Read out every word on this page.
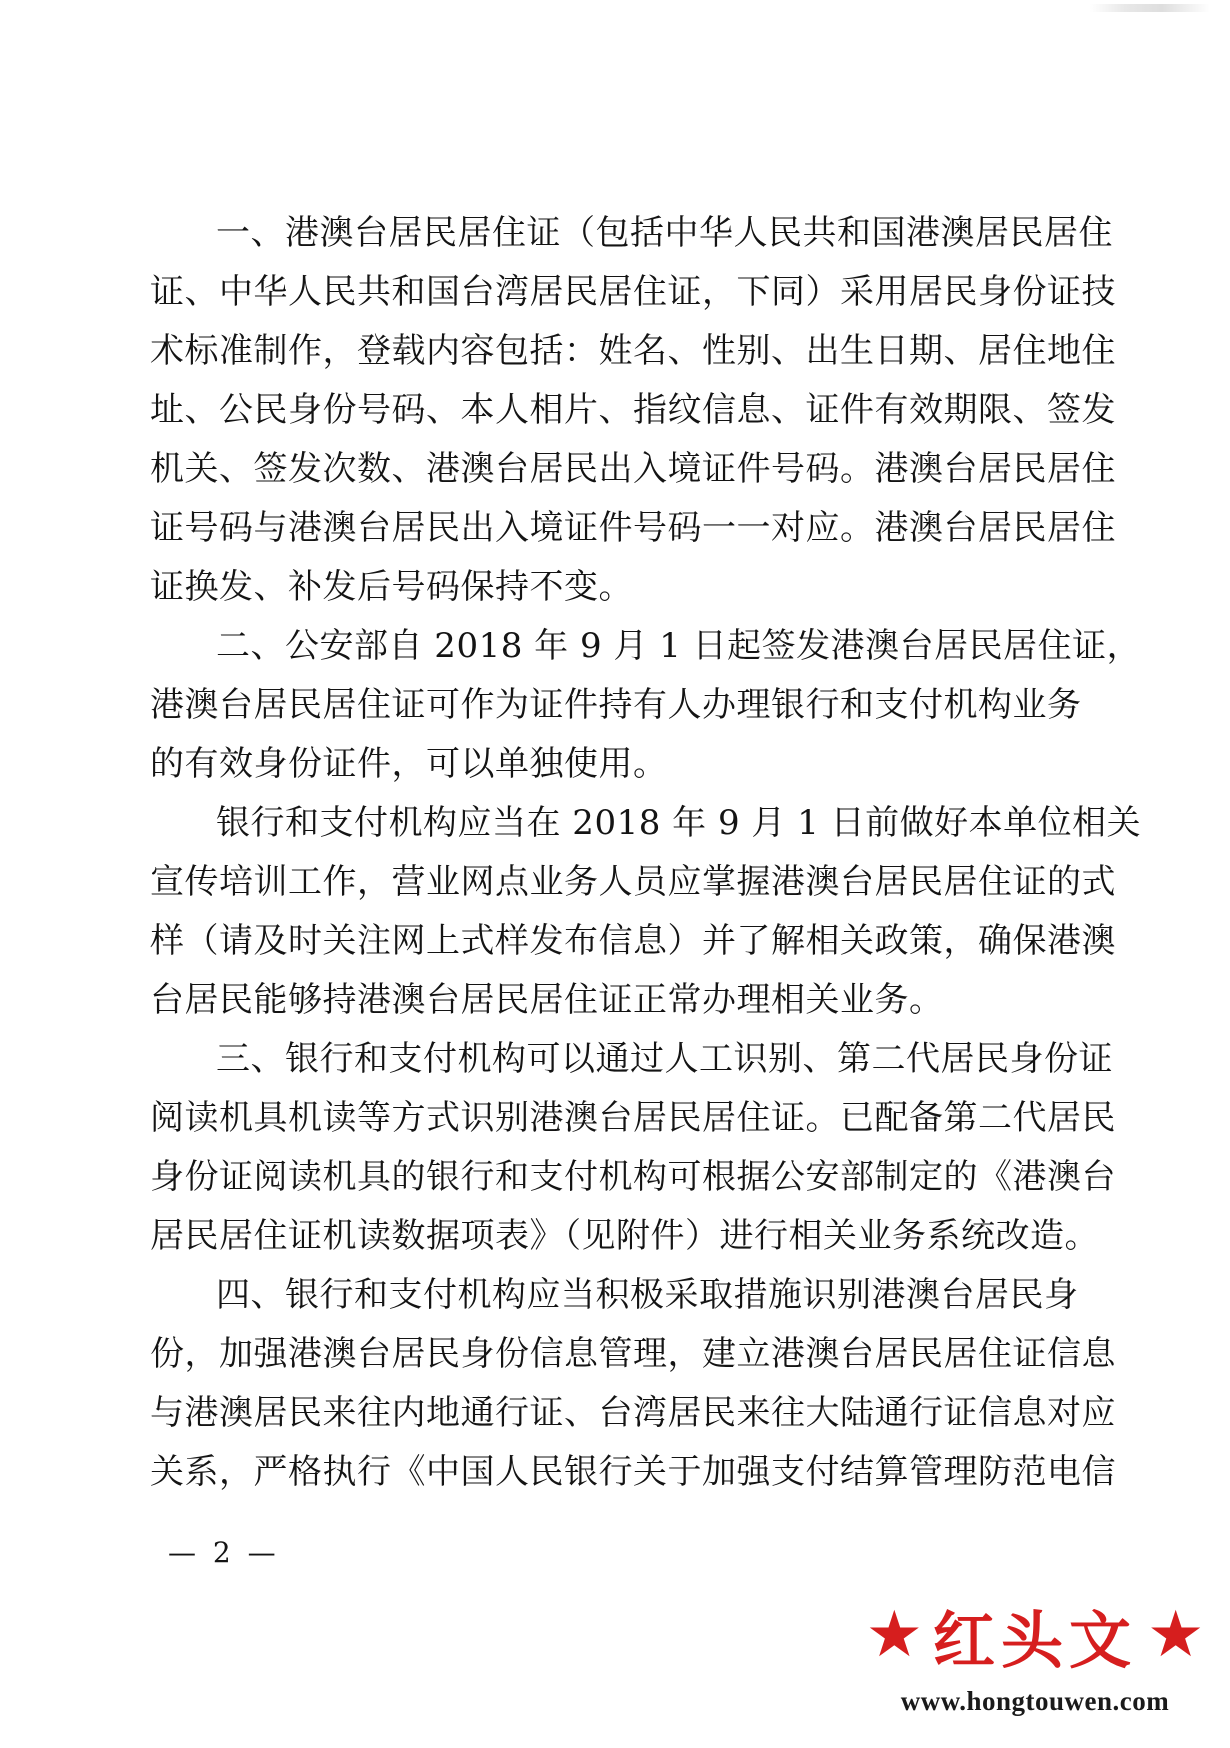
一、港澳台居民居住证（包括中华人民共和国港澳居民居住
证、中华人民共和国台湾居民居住证，下同）采用居民身份证技
术标准制作，登载内容包括：姓名、性别、出生日期、居住地住
址、公民身份号码、本人相片、指纹信息、证件有效期限、签发
机关、签发次数、港澳台居民出入境证件号码。港澳台居民居住
证号码与港澳台居民出入境证件号码一一对应。港澳台居民居住
证换发、补发后号码保持不变。
二、公安部自 2018 年 9 月 1 日起签发港澳台居民居住证，
港澳台居民居住证可作为证件持有人办理银行和支付机构业务
的有效身份证件，可以单独使用。
银行和支付机构应当在 2018 年 9 月 1 日前做好本单位相关
宣传培训工作，营业网点业务人员应掌握港澳台居民居住证的式
样（请及时关注网上式样发布信息）并了解相关政策，确保港澳
台居民能够持港澳台居民居住证正常办理相关业务。
三、银行和支付机构可以通过人工识别、第二代居民身份证
阅读机具机读等方式识别港澳台居民居住证。已配备第二代居民
身份证阅读机具的银行和支付机构可根据公安部制定的《港澳台
居民居住证机读数据项表》（见附件）进行相关业务系统改造。
四、银行和支付机构应当积极采取措施识别港澳台居民身
份，加强港澳台居民身份信息管理，建立港澳台居民居住证信息
与港澳居民来往内地通行证、台湾居民来往大陆通行证信息对应
关系，严格执行《中国人民银行关于加强支付结算管理防范电信
— 2 —
★ 红头文 ★
www.hongtouwen.com
